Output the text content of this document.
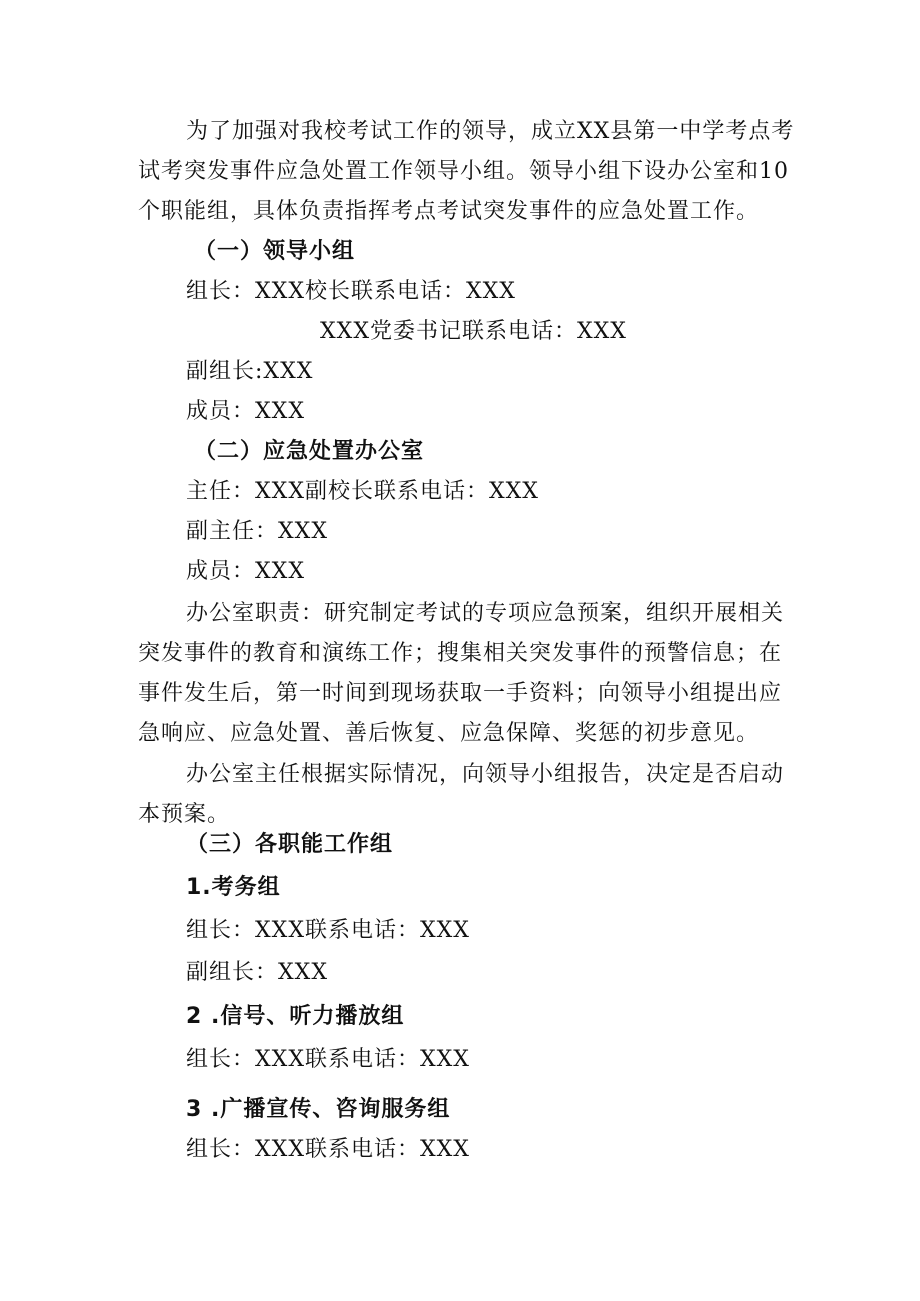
为了加强对我校考试工作的领导，成立XX县第一中学考点考
试考突发事件应急处置工作领导小组。领导小组下设办公室和10
个职能组，具体负责指挥考点考试突发事件的应急处置工作。
（一）领导小组
组长：XXX校长联系电话：XXX
XXX党委书记联系电话：XXX
副组长:XXX
成员：XXX
（二）应急处置办公室
主任：XXX副校长联系电话：XXX
副主任：XXX
成员：XXX
办公室职责：研究制定考试的专项应急预案，组织开展相关
突发事件的教育和演练工作；搜集相关突发事件的预警信息；在
事件发生后，第一时间到现场获取一手资料；向领导小组提出应
急响应、应急处置、善后恢复、应急保障、奖惩的初步意见。
办公室主任根据实际情况，向领导小组报告，决定是否启动
本预案。
（三）各职能工作组
1.考务组
组长：XXX联系电话：XXX
副组长：XXX
2 .信号、听力播放组
组长：XXX联系电话：XXX
3 .广播宣传、咨询服务组
组长：XXX联系电话：XXX
